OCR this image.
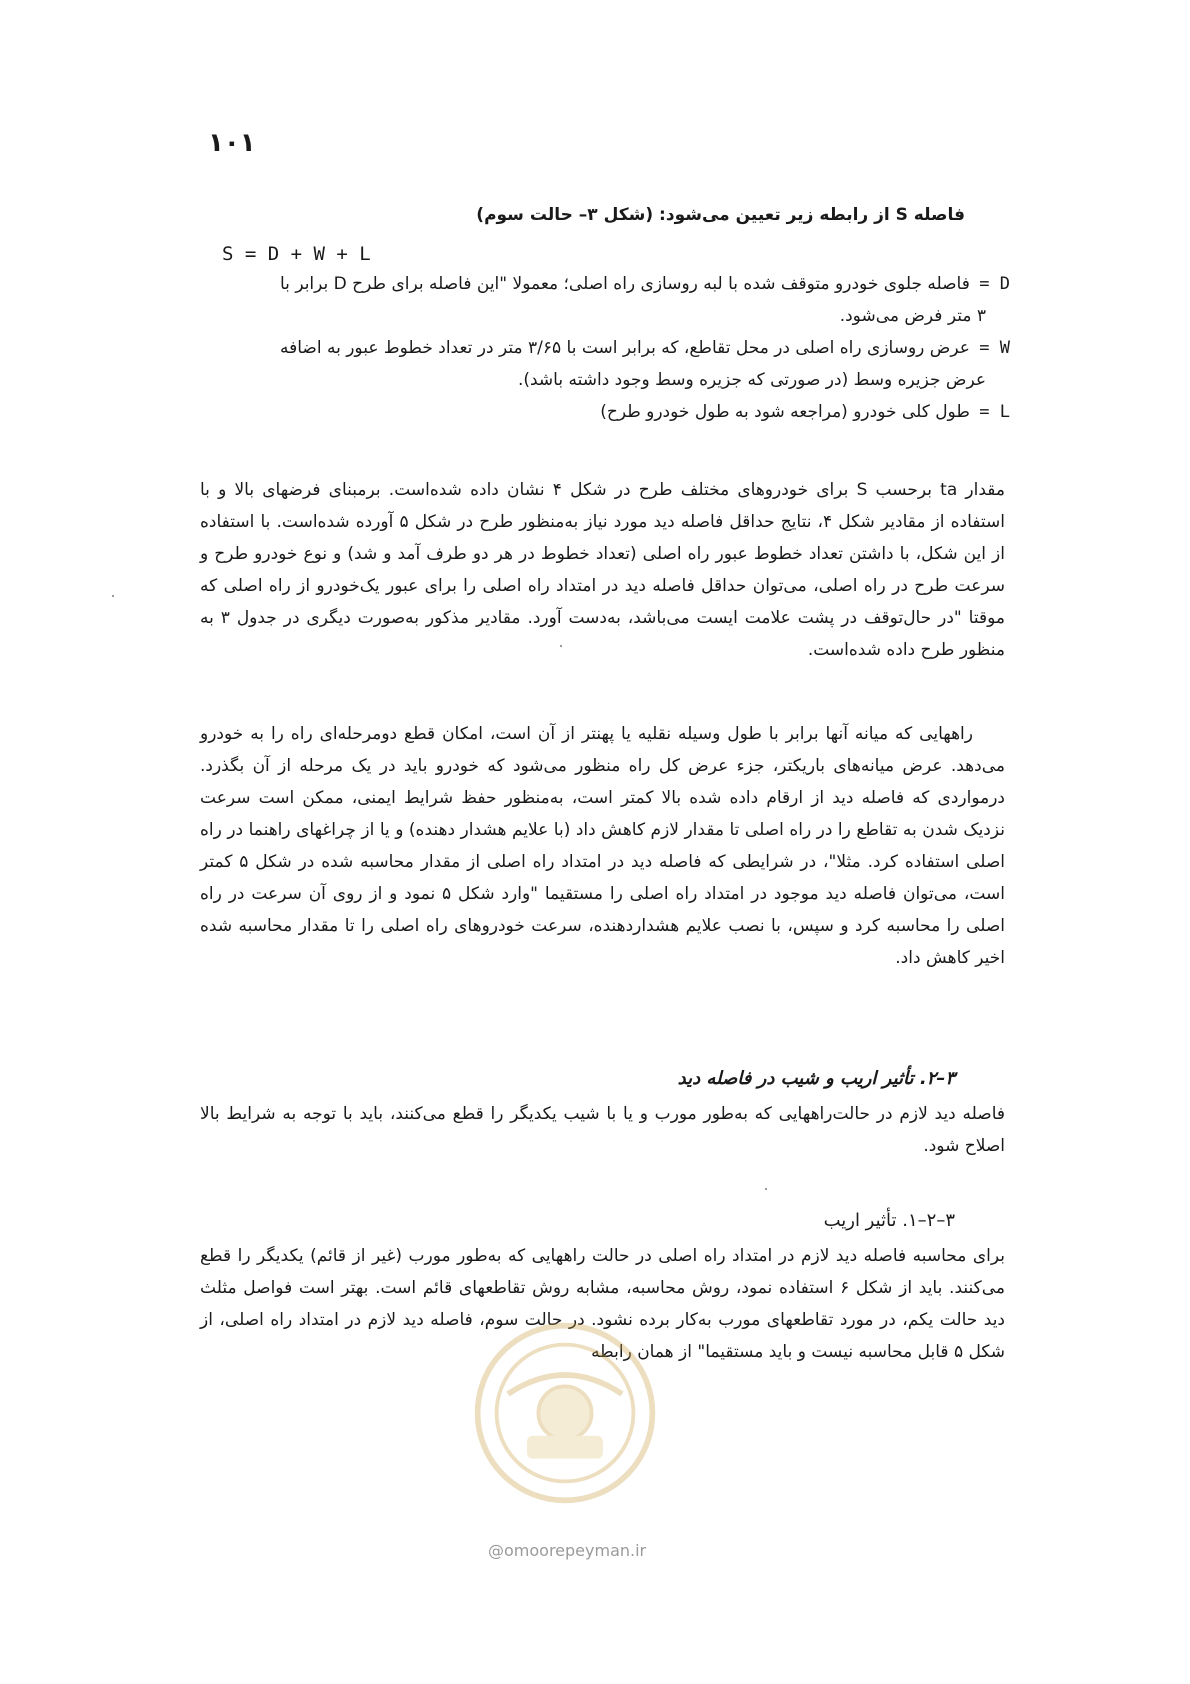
۱۰۱
فاصله S از رابطه زیر تعیین می‌شود: (شکل ۳– حالت سوم)
S = D + W + L
D = فاصله جلوی خودرو متوقف شده با لبه روسازی راه اصلی؛ معمولا "این فاصله برای طرح D برابر با
۳ متر فرض می‌شود.
W = عرض روسازی راه اصلی در محل تقاطع، که برابر است با ۳/۶۵ متر در تعداد خطوط عبور به اضافه
عرض جزیره وسط (در صورتی که جزیره وسط وجود داشته باشد).
L = طول کلی خودرو (مراجعه شود به طول خودرو طرح)

مقدار ta برحسب S برای خودروهای مختلف طرح در شکل ۴ نشان داده شده‌است. برمبنای فرضهای بالا و با استفاده از مقادیر شکل ۴، نتایج حداقل فاصله دید مورد نیاز به‌منظور طرح در شکل ۵ آورده شده‌است. با استفاده از این شکل، با داشتن تعداد خطوط عبور راه اصلی (تعداد خطوط در هر دو طرف آمد و شد) و نوع خودرو طرح و سرعت طرح در راه اصلی، می‌توان حداقل فاصله دید در امتداد راه اصلی را برای عبور یک‌خودرو از راه اصلی که موقتا "در حال‌توقف در پشت علامت ایست می‌باشد، به‌دست آورد. مقادیر مذکور به‌صورت دیگری در جدول ۳ به منظور طرح داده شده‌است.

راههایی که میانه آنها برابر با طول وسیله نقلیه یا پهنتر از آن است، امکان قطع دومرحله‌ای راه را به خودرو می‌دهد. عرض میانه‌های باریکتر، جزء عرض کل راه منظور می‌شود که خودرو باید در یک مرحله از آن بگذرد. درمواردی که فاصله دید از ارقام داده شده بالا کمتر است، به‌منظور حفظ شرایط ایمنی، ممکن است سرعت نزدیک شدن به تقاطع را در راه اصلی تا مقدار لازم کاهش داد (با علایم هشدار دهنده) و یا از چراغهای راهنما در راه اصلی استفاده کرد. مثلا"، در شرایطی که فاصله دید در امتداد راه اصلی از مقدار محاسبه شده در شکل ۵ کمتر است، می‌توان فاصله دید موجود در امتداد راه اصلی را مستقیما "وارد شکل ۵ نمود و از روی آن سرعت در راه اصلی را محاسبه کرد و سپس، با نصب علایم هشداردهنده، سرعت خودروهای راه اصلی را تا مقدار محاسبه شده اخیر کاهش داد.

۳–۲. تأثیر اریب و شیب در فاصله دید

فاصله دید لازم در حالت‌راههایی که به‌طور مورب و یا با شیب یکدیگر را قطع می‌کنند، باید با توجه به شرایط بالا اصلاح شود.

۳–۲–۱. تأثیر اریب

برای محاسبه فاصله دید لازم در امتداد راه اصلی در حالت راههایی که به‌طور مورب (غیر از قائم) یکدیگر را قطع می‌کنند. باید از شکل ۶ استفاده نمود، روش محاسبه، مشابه روش تقاطعهای قائم است. بهتر است فواصل مثلث دید حالت یکم، در مورد تقاطعهای مورب به‌کار برده نشود. در حالت سوم، فاصله دید لازم در امتداد راه اصلی، از شکل ۵ قابل محاسبه نیست و باید مستقیما" از همان رابطه

@omoorepeyman.ir
